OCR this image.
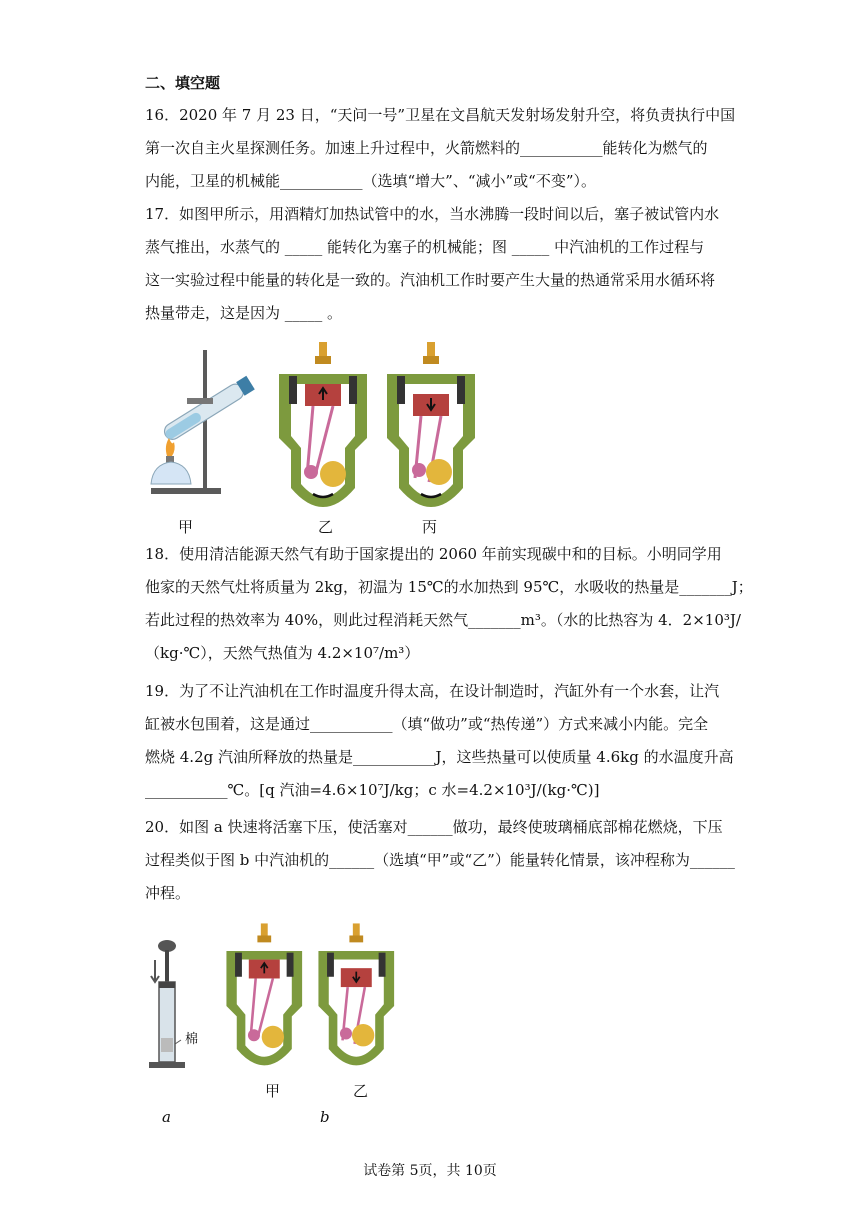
二、填空题
16．2020 年 7 月 23 日，“天问一号”卫星在文昌航天发射场发射升空，将负责执行中国
第一次自主火星探测任务。加速上升过程中，火箭燃料的___________能转化为燃气的
内能，卫星的机械能___________（选填“增大”、“减小”或“不变”）。
17．如图甲所示，用酒精灯加热试管中的水，当水沸腾一段时间以后，塞子被试管内水
蒸气推出，水蒸气的 _____ 能转化为塞子的机械能；图 _____ 中汽油机的工作过程与
这一实验过程中能量的转化是一致的。汽油机工作时要产生大量的热通常采用水循环将
热量带走，这是因为 _____ 。
甲	乙	丙
18．使用清洁能源天然气有助于国家提出的 2060 年前实现碳中和的目标。小明同学用
他家的天然气灶将质量为 2kg，初温为 15℃的水加热到 95℃，水吸收的热量是_______J；
若此过程的热效率为 40%，则此过程消耗天然气_______m³。（水的比热容为 4．2×10³J/
（kg·℃），天然气热值为 4.2×10⁷/m³）
19．为了不让汽油机在工作时温度升得太高，在设计制造时，汽缸外有一个水套，让汽
缸被水包围着，这是通过___________（填“做功”或“热传递”）方式来减小内能。完全
燃烧 4.2g 汽油所释放的热量是___________J，这些热量可以使质量 4.6kg 的水温度升高
___________℃。[q 汽油=4.6×10⁷J/kg；c 水=4.2×10³J/(kg·℃)]
20．如图 a 快速将活塞下压，使活塞对______做功，最终使玻璃桶底部棉花燃烧，下压
过程类似于图 b 中汽油机的______（选填“甲”或“乙”）能量转化情景，该冲程称为______
冲程。
棉
甲	乙
a	b
试卷第 5页，共 10页
